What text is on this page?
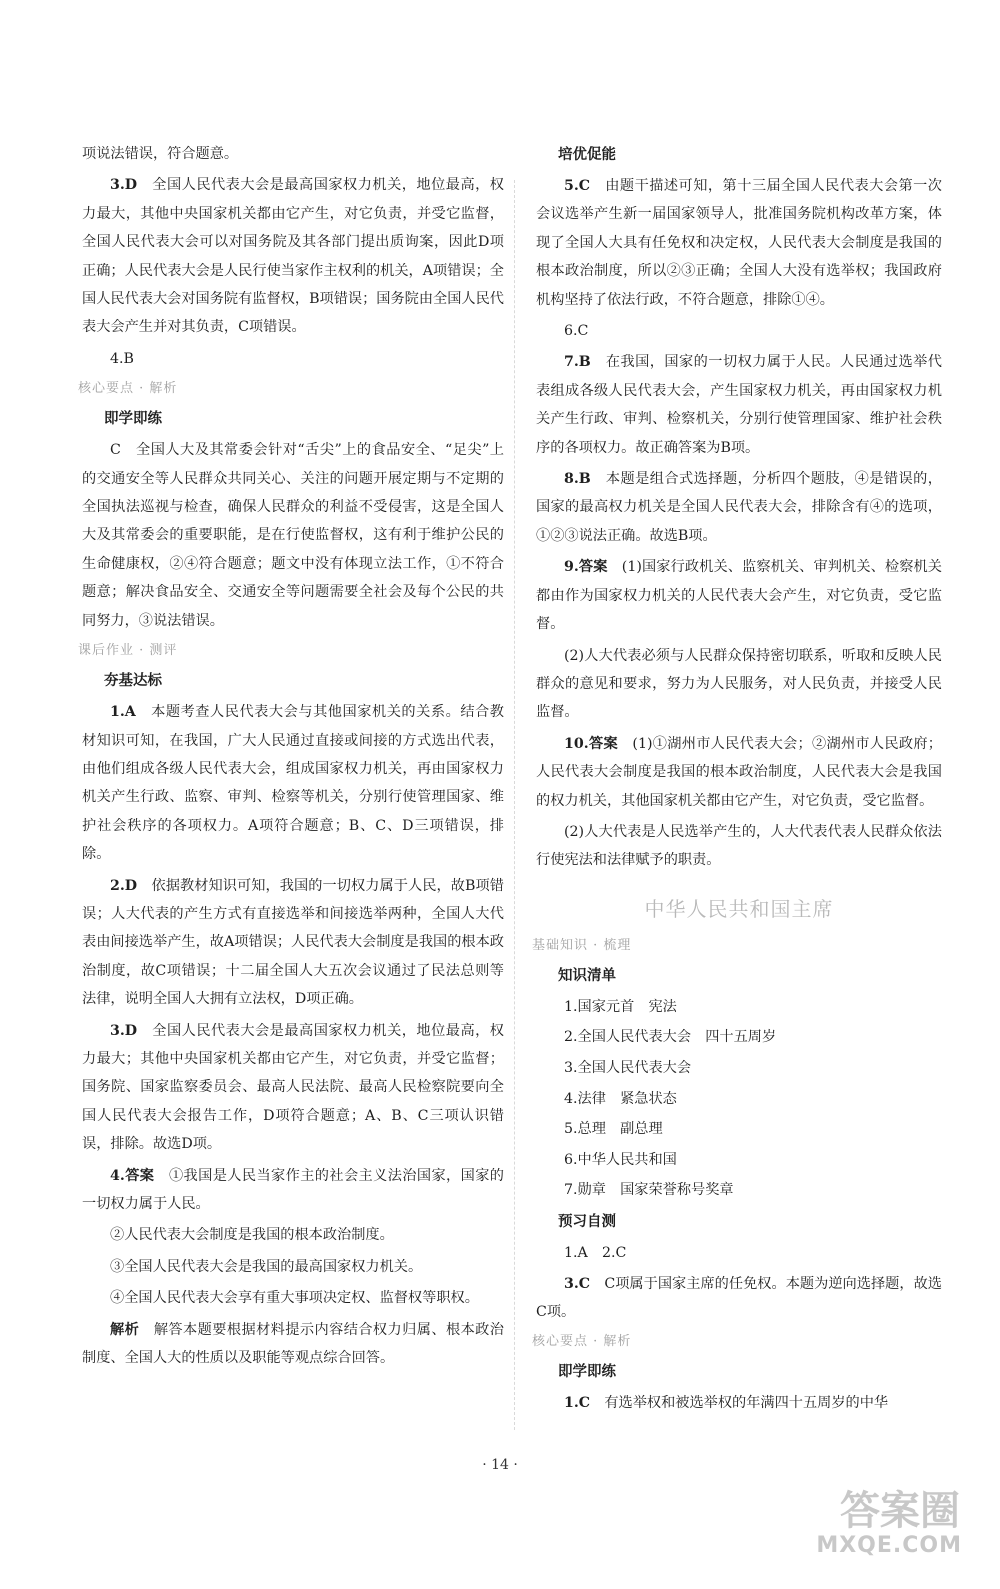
项说法错误，符合题意。

3.D　 全国人民代表大会是最高国家权力机关，地位最高，权力最大，其他中央国家机关都由它产生，对它负责，并受它监督，全国人民代表大会可以对国务院及其各部门提出质询案，因此D项正确；人民代表大会是人民行使当家作主权利的机关，A项错误；全国人民代表大会对国务院有监督权，B项错误；国务院由全国人民代表大会产生并对其负责，C项错误。

4.B

核心要点 · 解析
即学即练

C　全国人大及其常委会针对“舌尖”上的食品安全、“足尖”上的交通安全等人民群众共同关心、关注的问题开展定期与不定期的全国执法巡视与检查，确保人民群众的利益不受侵害，这是全国人大及其常委会的重要职能，是在行使监督权，这有利于维护公民的生命健康权，②④符合题意；题文中没有体现立法工作，①不符合题意；解决食品安全、交通安全等问题需要全社会及每个公民的共同努力，③说法错误。

课后作业 · 测评
夯基达标

1.A　 本题考查人民代表大会与其他国家机关的关系。结合教材知识可知，在我国，广大人民通过直接或间接的方式选出代表，由他们组成各级人民代表大会，组成国家权力机关，再由国家权力机关产生行政、监察、审判、检察等机关，分别行使管理国家、维护社会秩序的各项权力。A项符合题意；B、C、D三项错误，排除。

2.D　 依据教材知识可知，我国的一切权力属于人民，故B项错误；人大代表的产生方式有直接选举和间接选举两种，全国人大代表由间接选举产生，故A项错误；人民代表大会制度是我国的根本政治制度，故C项错误；十二届全国人大五次会议通过了民法总则等法律，说明全国人大拥有立法权，D项正确。

3.D　 全国人民代表大会是最高国家权力机关，地位最高，权力最大；其他中央国家机关都由它产生，对它负责，并受它监督；国务院、国家监察委员会、最高人民法院、最高人民检察院要向全国人民代表大会报告工作，D项符合题意；A、B、C三项认识错误，排除。故选D项。

4.答案　 ①我国是人民当家作主的社会主义法治国家，国家的一切权力属于人民。

②人民代表大会制度是我国的根本政治制度。

③全国人民代表大会是我国的最高国家权力机关。

④全国人民代表大会享有重大事项决定权、监督权等职权。

解析　 解答本题要根据材料提示内容结合权力归属、根本政治制度、全国人大的性质以及职能等观点综合回答。

培优促能

5.C　 由题干描述可知，第十三届全国人民代表大会第一次会议选举产生新一届国家领导人，批准国务院机构改革方案，体现了全国人大具有任免权和决定权，人民代表大会制度是我国的根本政治制度，所以②③正确；全国人大没有选举权；我国政府机构坚持了依法行政，不符合题意，排除①④。

6.C

7.B　 在我国，国家的一切权力属于人民。人民通过选举代表组成各级人民代表大会，产生国家权力机关，再由国家权力机关产生行政、审判、检察机关，分别行使管理国家、维护社会秩序的各项权力。故正确答案为B项。

8.B　 本题是组合式选择题，分析四个题肢，④是错误的，国家的最高权力机关是全国人民代表大会，排除含有④的选项，①②③说法正确。故选B项。

9.答案　 (1)国家行政机关、监察机关、审判机关、检察机关都由作为国家权力机关的人民代表大会产生，对它负责，受它监督。

(2)人大代表必须与人民群众保持密切联系，听取和反映人民群众的意见和要求，努力为人民服务，对人民负责，并接受人民监督。

10.答案　 (1)①湖州市人民代表大会；②湖州市人民政府；人民代表大会制度是我国的根本政治制度，人民代表大会是我国的权力机关，其他国家机关都由它产生，对它负责，受它监督。

(2)人大代表是人民选举产生的，人大代表代表人民群众依法行使宪法和法律赋予的职责。

中华人民共和国主席
基础知识 · 梳理
知识清单
1.国家元首　宪法
2.全国人民代表大会　四十五周岁
3.全国人民代表大会
4.法律　紧急状态
5.总理　副总理
6.中华人民共和国
7.勋章　国家荣誉称号奖章
预习自测
1.A　2.C

3.C　 C项属于国家主席的任免权。本题为逆向选择题，故选C项。

核心要点 · 解析
即学即练

1.C　 有选举权和被选举权的年满四十五周岁的中华

· 14 ·
答案圈
MXQE.COM
